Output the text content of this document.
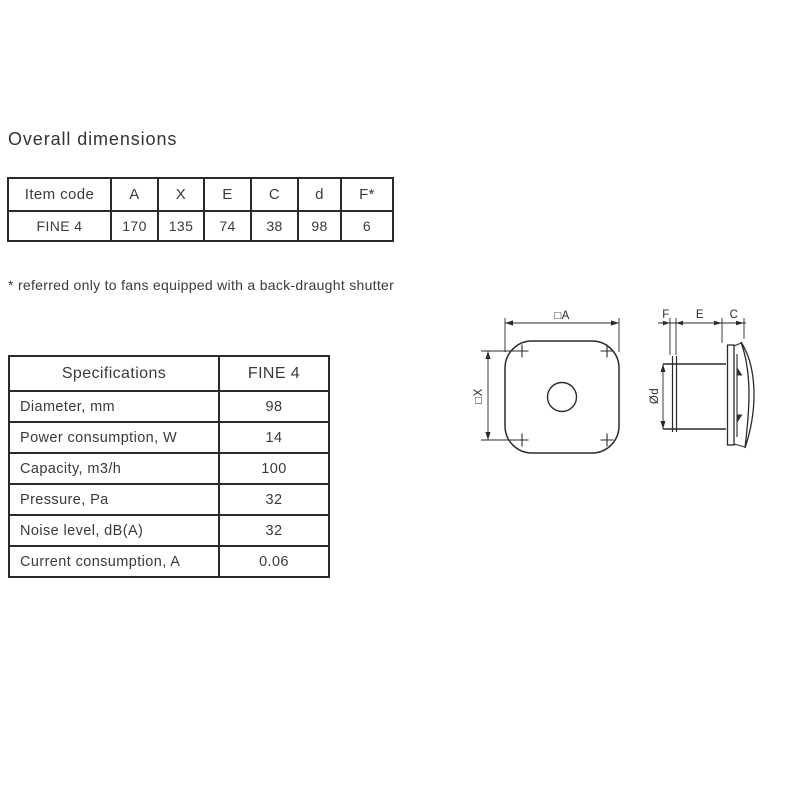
Overall dimensions
Item code	A	X	E	C	d	F*
FINE 4	170	135	74	38	98	6
* referred only to fans equipped with a back-draught shutter
Specifications	FINE 4
Diameter, mm	98
Power consumption, W	14
Capacity, m3/h	100
Pressure, Pa	32
Noise level, dB(A)	32
Current consumption, A	0.06
□A
□X
F E C
Ød
